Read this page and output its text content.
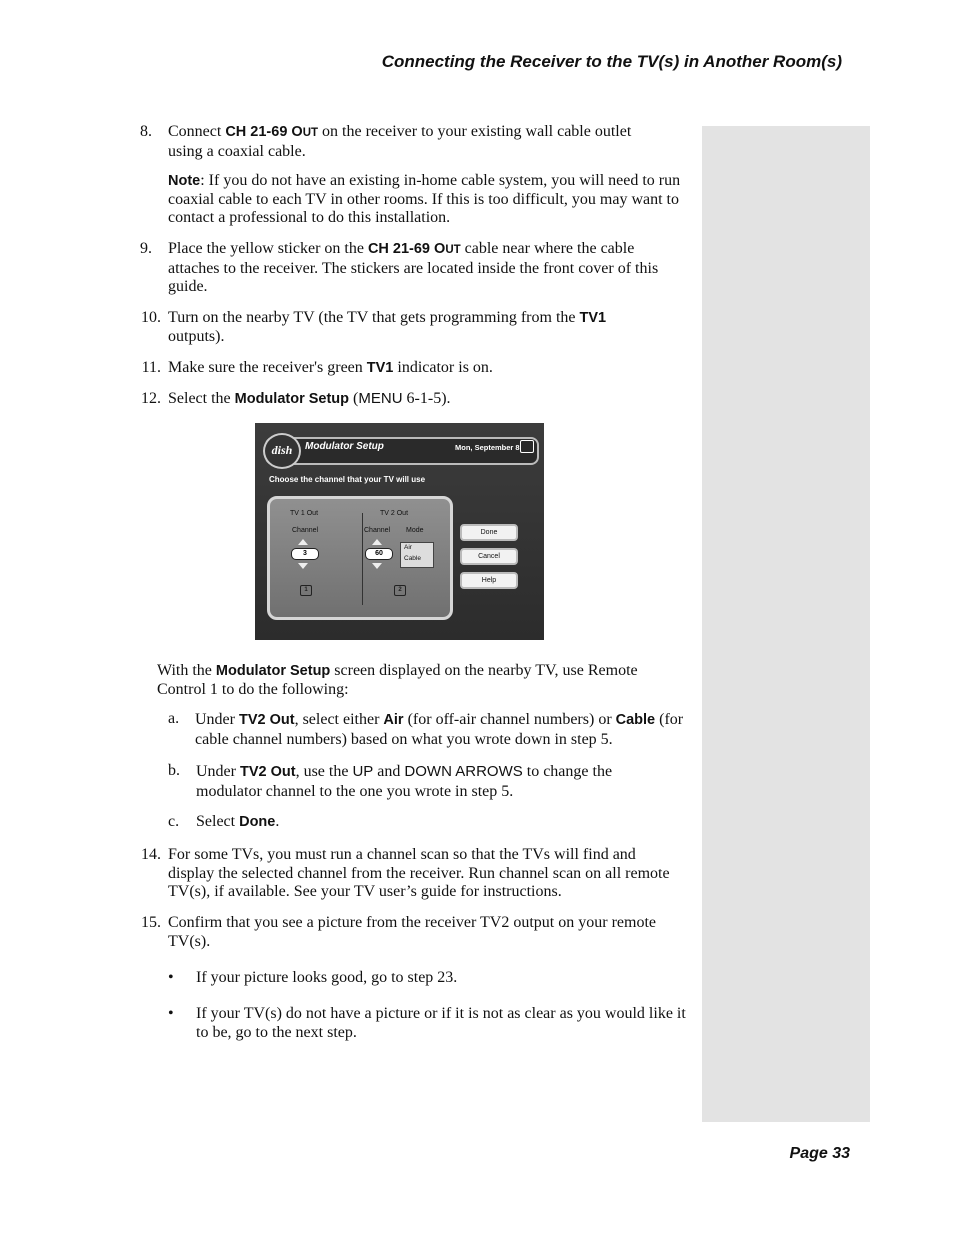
Connecting the Receiver to the TV(s) in Another Room(s)
8. Connect CH 21-69 OUT on the receiver to your existing wall cable outlet
using a coaxial cable.
Note: If you do not have an existing in-home cable system, you will need to run coaxial cable to each TV in other rooms. If this is too difficult, you may want to contact a professional to do this installation.
9. Place the yellow sticker on the CH 21-69 OUT cable near where the cable attaches to the receiver. The stickers are located inside the front cover of this guide.
10. Turn on the nearby TV (the TV that gets programming from the TV1
outputs).
11. Make sure the receiver's green TV1 indicator is on.
12. Select the Modulator Setup (MENU 6-1-5).
dish	Modulator Setup	Mon, September 8
Choose the channel that your TV will use
TV 1 Out
Channel
3
1
TV 2 Out
Channel Mode
60
Air
Cable
2
Done
Cancel
Help
With the Modulator Setup screen displayed on the nearby TV, use Remote Control 1 to do the following:
a. Under TV2 Out, select either Air (for off-air channel numbers) or Cable (for cable channel numbers) based on what you wrote down in step 5.
b. Under TV2 Out, use the UP and DOWN ARROWS to change the modulator channel to the one you wrote in step 5.
c. Select Done.
14. For some TVs, you must run a channel scan so that the TVs will find and display the selected channel from the receiver. Run channel scan on all remote TV(s), if available. See your TV user’s guide for instructions.
15. Confirm that you see a picture from the receiver TV2 output on your remote TV(s).
• If your picture looks good, go to step 23.
• If your TV(s) do not have a picture or if it is not as clear as you would like it to be, go to the next step.
Page 33
